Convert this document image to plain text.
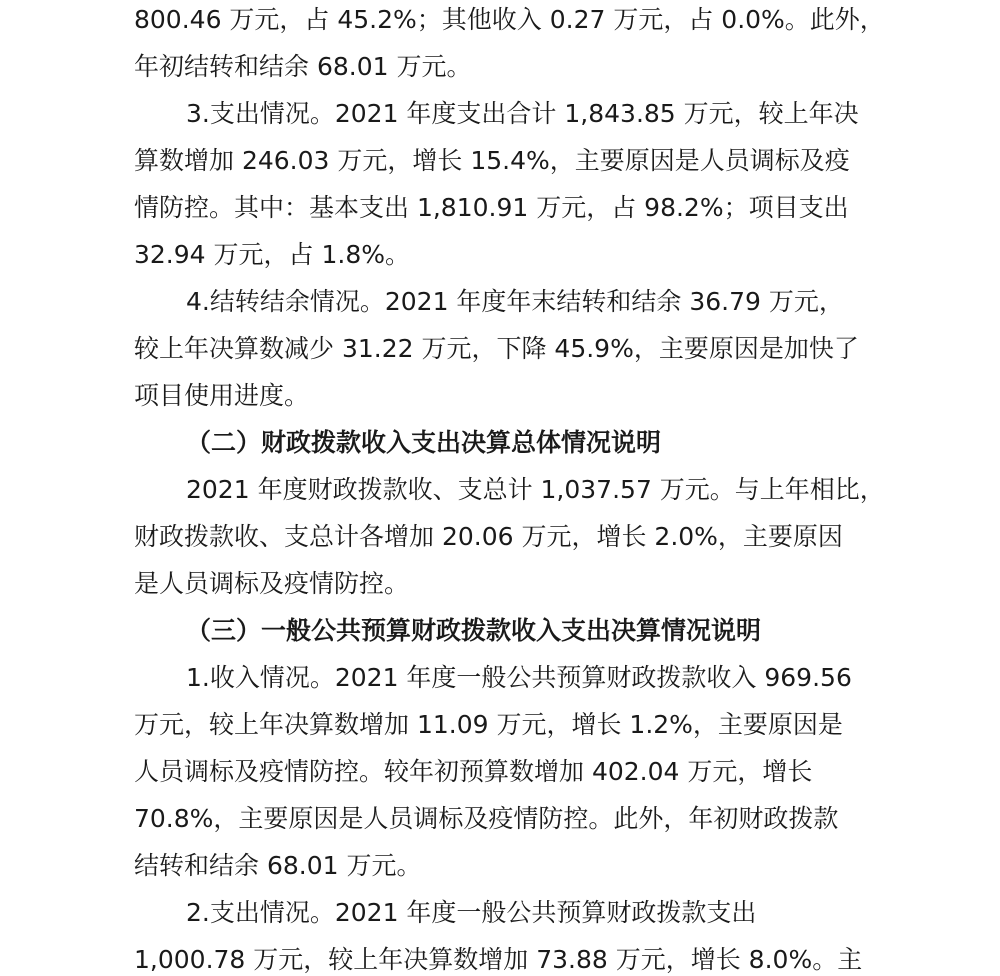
800.46 万元，占 45.2%；其他收入 0.27 万元，占 0.0%。此外，
年初结转和结余 68.01 万元。
3.支出情况。2021 年度支出合计 1,843.85 万元，较上年决
算数增加 246.03 万元，增长 15.4%，主要原因是人员调标及疫
情防控。其中：基本支出 1,810.91 万元，占 98.2%；项目支出
32.94 万元，占 1.8%。
4.结转结余情况。2021 年度年末结转和结余 36.79 万元，
较上年决算数减少 31.22 万元，下降 45.9%，主要原因是加快了
项目使用进度。
（二）财政拨款收入支出决算总体情况说明
2021 年度财政拨款收、支总计 1,037.57 万元。与上年相比，
财政拨款收、支总计各增加 20.06 万元，增长 2.0%，主要原因
是人员调标及疫情防控。
（三）一般公共预算财政拨款收入支出决算情况说明
1.收入情况。2021 年度一般公共预算财政拨款收入 969.56
万元，较上年决算数增加 11.09 万元，增长 1.2%，主要原因是
人员调标及疫情防控。较年初预算数增加 402.04 万元，增长
70.8%，主要原因是人员调标及疫情防控。此外，年初财政拨款
结转和结余 68.01 万元。
2.支出情况。2021 年度一般公共预算财政拨款支出
1,000.78 万元，较上年决算数增加 73.88 万元，增长 8.0%。主
